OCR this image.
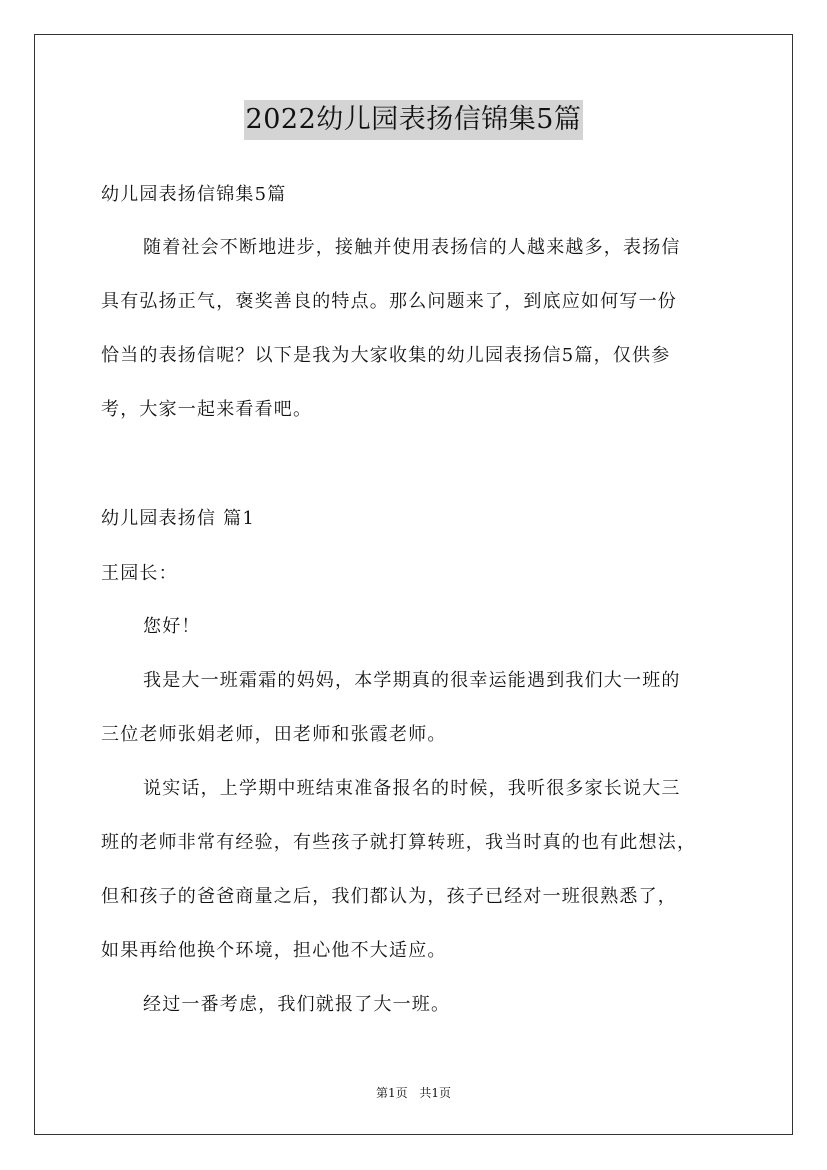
2022幼儿园表扬信锦集5篇
幼儿园表扬信锦集5篇
随着社会不断地进步，接触并使用表扬信的人越来越多，表扬信
具有弘扬正气，褒奖善良的特点。那么问题来了，到底应如何写一份
恰当的表扬信呢？以下是我为大家收集的幼儿园表扬信5篇，仅供参
考，大家一起来看看吧。
幼儿园表扬信 篇1
王园长：
您好！
我是大一班霜霜的妈妈，本学期真的很幸运能遇到我们大一班的
三位老师张娟老师，田老师和张霞老师。
说实话，上学期中班结束准备报名的时候，我听很多家长说大三
班的老师非常有经验，有些孩子就打算转班，我当时真的也有此想法，
但和孩子的爸爸商量之后，我们都认为，孩子已经对一班很熟悉了，
如果再给他换个环境，担心他不大适应。
经过一番考虑，我们就报了大一班。
第1页 共1页
